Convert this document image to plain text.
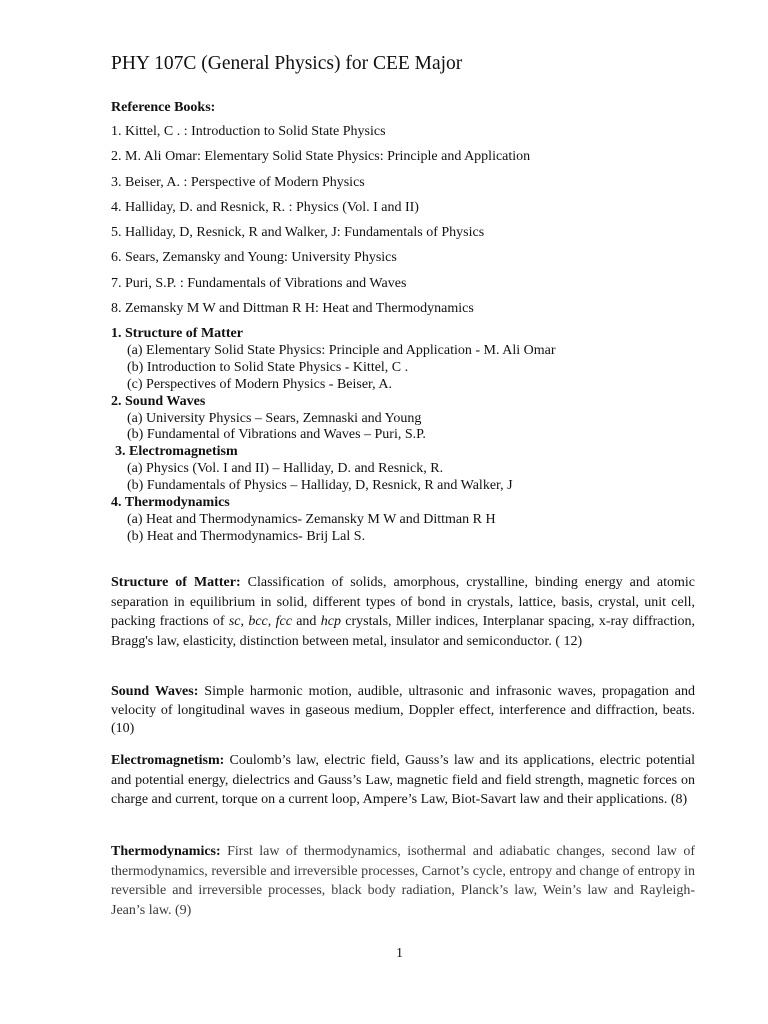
PHY 107C (General Physics) for CEE Major
Reference Books:
1. Kittel, C . : Introduction to Solid State Physics
2. M. Ali Omar: Elementary Solid State Physics: Principle and Application
3. Beiser, A. : Perspective of Modern Physics
4. Halliday, D. and Resnick, R. : Physics (Vol. I and II)
5. Halliday, D, Resnick, R and Walker, J: Fundamentals of Physics
6. Sears, Zemansky and Young: University Physics
7. Puri, S.P. : Fundamentals of Vibrations and Waves
8. Zemansky M W and Dittman R H: Heat and Thermodynamics
1. Structure of Matter
(a) Elementary Solid State Physics: Principle and Application - M. Ali Omar
(b) Introduction to Solid State Physics - Kittel, C .
(c) Perspectives of Modern Physics - Beiser, A.
2. Sound Waves
(a) University Physics – Sears, Zemnaski and Young
(b) Fundamental of Vibrations and Waves – Puri, S.P.
3. Electromagnetism
(a) Physics (Vol. I and II) – Halliday, D. and Resnick, R.
(b) Fundamentals of Physics – Halliday, D, Resnick, R and Walker, J
4. Thermodynamics
(a) Heat and Thermodynamics- Zemansky M W and Dittman R H
(b) Heat and Thermodynamics- Brij Lal S.

Structure of Matter: Classification of solids, amorphous, crystalline, binding energy and atomic separation in equilibrium in solid, different types of bond in crystals, lattice, basis, crystal, unit cell, packing fractions of sc, bcc, fcc and hcp crystals, Miller indices, Interplanar spacing, x-ray diffraction, Bragg's law, elasticity, distinction between metal, insulator and semiconductor. ( 12)

Sound Waves: Simple harmonic motion, audible, ultrasonic and infrasonic waves, propagation and velocity of longitudinal waves in gaseous medium, Doppler effect, interference and diffraction, beats. (10)

Electromagnetism: Coulomb’s law, electric field, Gauss’s law and its applications, electric potential and potential energy, dielectrics and Gauss’s Law, magnetic field and field strength, magnetic forces on charge and current, torque on a current loop, Ampere’s Law, Biot-Savart law and their applications. (8)

Thermodynamics: First law of thermodynamics, isothermal and adiabatic changes, second law of thermodynamics, reversible and irreversible processes, Carnot’s cycle, entropy and change of entropy in reversible and irreversible processes, black body radiation, Planck’s law, Wein’s law and Rayleigh-Jean’s law. (9)

1
